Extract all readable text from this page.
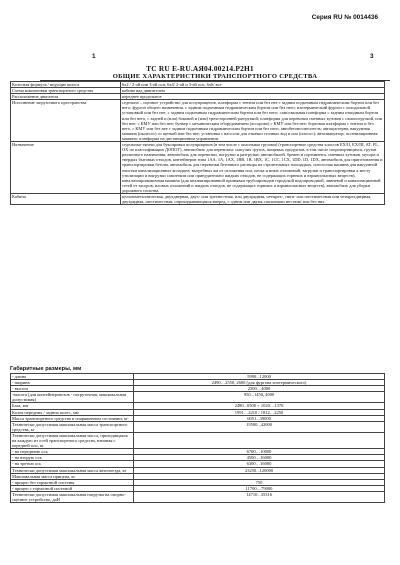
Серия RU № 0014436
1	3
ТС RU E-RU.АЯ04.00214.Р2Н1
ОБЩИЕ ХАРАКТЕРИСТИКИ ТРАНСПОРТНОГО СРЕДСТВА
Колесная формула / ведущие колеса	6х2 / 2-ой или 3-ей оси, 6х4/ 2-ой и 3-ей оси, 6х6/ все
Схема компоновки транспортного средства	кабина над двигателем
Расположение двигателя	переднее продольное
Исполнение загрузочного пространства	седельно – сцепное устройство для полуприцепов, платформа с тентом или без нее с задним подъемным гидравлическим бортом или без него; фургон общего назначения, с задним подъемным гидравлическим бортом или без него; изотермический фургон с холодильной установкой или без нее, с задним подъемным гидравлическим бортом или без него; самосвальная платформа с задним откидным бортом или без него, с задней и (или) боковой и (или) трехсторонней разгрузкой; платформа для перевозки сменных кузовов с самопогрузкой, или без нее; с КМУ или без нее; бункер с механическим оборудованием (ассорово) с КМУ или без нее; бортовая платформа с тентом и без него, с КМУ или без нее с задним подъемным гидравлическим бортом или без него; автобетоносмеситель; автоцистерна; вакуумная машина (пылесос) со щеткой или без нее; установка с насосом для откачки сточных вод и ила (илосос); автоэвакуатор; ассенизационная машина; платформа на дистанционном управлении.
Назначение	седельные тягачи для буксировки полуприцепов (в том числе с опасными грузами) (транспортные средства классов EX/II, EX/III, AT, FL, OX по классификации ДОПОГ), автомобиль для перевозки: сыпучих грузов, пищевых продуктов, в том числе скоропортящихся, грузов различного назначения, автомобиль для перевозки, погрузки и разгрузки: автомобилей, бревен и сортимента, сменных кузовов, мусора и твердых бытовых отходов, контейнеров типа 1АА, 1А, 1АХ, 1ВВ, 1В, 1ВХ, 1С, 1СС, 1СХ, 1DD, 1D, 1DX, автомобиль для приготовления и транспортировки бетона, автомобиль для перевозки бетонного раствора на строительных площадках, илососная машина для вакуумной очистки канализационных колодцев, выгребных ям от отложения ила, песка и иных отложений, загрузки и транспортировки к месту утилизации и выгрузки самотеком или принудительно жидких отходов, не содержащих горючих и взрывоопасных веществ), канализопромывочная машина (для механизированной промывки трубопроводов городской водопроводной, ливневой и канализационной сетей от засоров, иловых отложений и жидких отходов, не содержащих горючих и взрывоопасных веществ), автомобиль для уборки дорожного полотна.
Кабина	цельнометаллическая, двухдверная, двух- или трехместная, или двухрядная, четырех-, пяти- или шестиместная или четырехдверная, двухрядная, шестиместная, опрокидывающаяся вперед, с одним или двумя спальными местами или без них
Габаритные размеры, мм
- длина	5990...12000
- ширина	2490…2550, 2600 (для фургона изотермического)
- высота	2500…4000
-высота (для контейнеровозов - погрузочная, максимальная допустимая)	950...1450, 4000
База, мм	2480...6500 + 1020…1370
Колея передних / задних колес, мм	1991…2210 / 1812…2250
Масса транспортного средства в снаряженном состоянии, кг	6051...39000
Технически допустимая максимальная масса транспортного средства, кг	19500...42000
Технически допустимая максимальная масса, приходящаяся на каждую из осей транспортного средства, начиная с передней оси, кг	
- на переднюю ось	6700…10000
- на вторую ось	4500…16000
- на третью ось	6300…16000
Технически допустимая максимальная масса автопоезда, кг	23250...120000
Максимальная масса прицепа, кг	
- прицеп без тормозной системы	750
- прицеп с тормозной системой	11700…79000
Технически допустимая максимальная нагрузка на опорно-сцепное устройство, даН	14710...35316
